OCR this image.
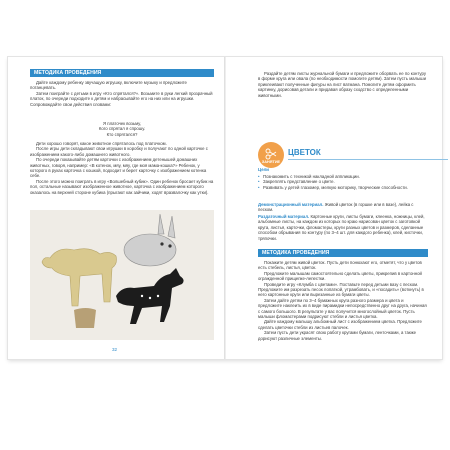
МЕТОДИКА ПРОВЕДЕНИЯ

Дайте каждому ребенку звучащую игрушку, включите музыку и предложите потанцевать.

Затем поиграйте с детьми в игру «Кто спрятался?». Возьмите в руки легкий прозрачный платок, по очереди подходите к детям и набрасывайте его на них или на игрушки. Сопровождайте свои действия словами:

Я платочек возьму,
Кого спрятал я спрошу.
Кто спрятался?

Дети хорошо говорят, какое животное спряталось под платочком.

После игры дети складывают свои игрушки в коробку и получают по одной карточке с изображением какого-либо домашнего животного.

По очереди показывайте детям карточки с изображением детенышей домашних животных, говоря, например: «В котенок, мяу, мяу, где моя мама-кошка?» Ребенок, у которого в руках карточка с кошкой, подходит и берет карточку с изображением котенка себе.

После этого можно поиграть в игру «Волшебный кубик». Один ребенок бросает кубик на пол, остальные называют изображенное животное, карточка с изображением которого оказалось на верхней стороне кубика (прыгают как зайчики, ходят вразвалочку как утки).

32

Раздайте детям листы журнальной бумаги и предложите оборвать ее по контуру в форме круга или овала (по необходимости помогите детям). Затем пусть малыши приклеивают полученные фигуры на лист ватмана. Помогите детям оформить картинку, дорисовав детали и придавая образу сходство с определенными животными.

ЗАНЯТИЕ
ЦВЕТОК
Цели
• Познакомить с техникой накладной аппликации.
• Закреплять представление о цвете.
• Развивать у детей глазомер, мелкую моторику, творческие способности.
Демонстрационный материал. Живой цветок (в горшке или в вазе), лейка с песком.
Раздаточный материал. Картонные круги, листы бумаги, клеенка, ножницы, клей, альбомные листы, на каждом из которых по краю нарисован цветок с заготовкой круга, листья, карточки, фломастеры, круги разных цветов и размеров, сделанные способом обрывания по контуру (по 3–4 шт. для каждого ребенка), клей, кисточки, тряпочки.
МЕТОДИКА ПРОВЕДЕНИЯ

Покажите детям живой цветок. Пусть дети понюхают его, отметят, что у цветов есть стебель, листья, цветок.

Предложите малышам самостоятельно сделать цветы, прикрепив в картонной огражденной прищепке-лепестки.

Проведите игру «Клумба с цветами». Поставьте перед детьми вазу с песком. Предложите им разрезать песок лопаткой, утрамбовать, и «посадить» (воткнуть) в него картонные круги или вырезанные из бумаги цветы.

Затем дайте детям по 3–4 бумажных круга разного размера и цвета и предложите наклеить их в виде пирамидки непосредственно друг на друга, начиная с самого большого. В результате у вас получится многослойный цветок. Пусть малыши фломастерами подрисуют стебли и листья цветка.

Дайте каждому малышу альбомный лист с изображением цветка. Предложите сделать цветочки стебли из листьев палочек.

Затем пусть дети украсят свою работу кругами бумаги, ленточками, а также дорисуют различные элементы.
